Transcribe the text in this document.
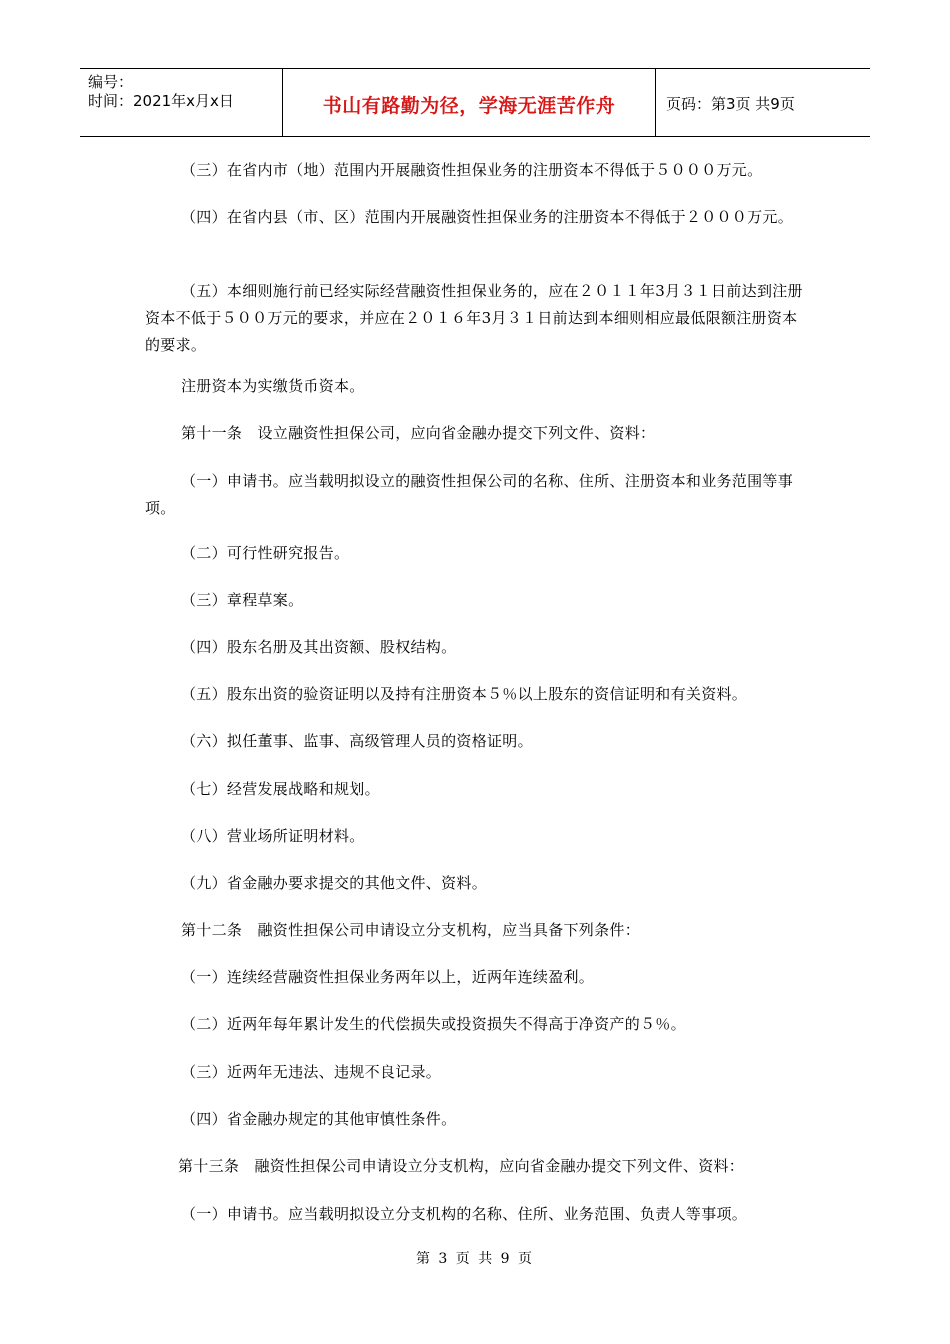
编号：
时间：2021年x月x日	书山有路勤为径，学海无涯苦作舟	页码：第3页 共9页
（三）在省内市（地）范围内开展融资性担保业务的注册资本不得低于５０００万元。
（四）在省内县（市、区）范围内开展融资性担保业务的注册资本不得低于２０００万元。
（五）本细则施行前已经实际经营融资性担保业务的，应在２０１１年3月３１日前达到注册资本不低于５００万元的要求，并应在２０１６年3月３１日前达到本细则相应最低限额注册资本的要求。
注册资本为实缴货币资本。
第十一条　设立融资性担保公司，应向省金融办提交下列文件、资料：
（一）申请书。应当载明拟设立的融资性担保公司的名称、住所、注册资本和业务范围等事项。
（二）可行性研究报告。
（三）章程草案。
（四）股东名册及其出资额、股权结构。
（五）股东出资的验资证明以及持有注册资本５％以上股东的资信证明和有关资料。
（六）拟任董事、监事、高级管理人员的资格证明。
（七）经营发展战略和规划。
（八）营业场所证明材料。
（九）省金融办要求提交的其他文件、资料。
第十二条　融资性担保公司申请设立分支机构，应当具备下列条件：
（一）连续经营融资性担保业务两年以上，近两年连续盈利。
（二）近两年每年累计发生的代偿损失或投资损失不得高于净资产的５％。
（三）近两年无违法、违规不良记录。
（四）省金融办规定的其他审慎性条件。
第十三条　融资性担保公司申请设立分支机构，应向省金融办提交下列文件、资料：
（一）申请书。应当载明拟设立分支机构的名称、住所、业务范围、负责人等事项。
第 3 页 共 9 页
